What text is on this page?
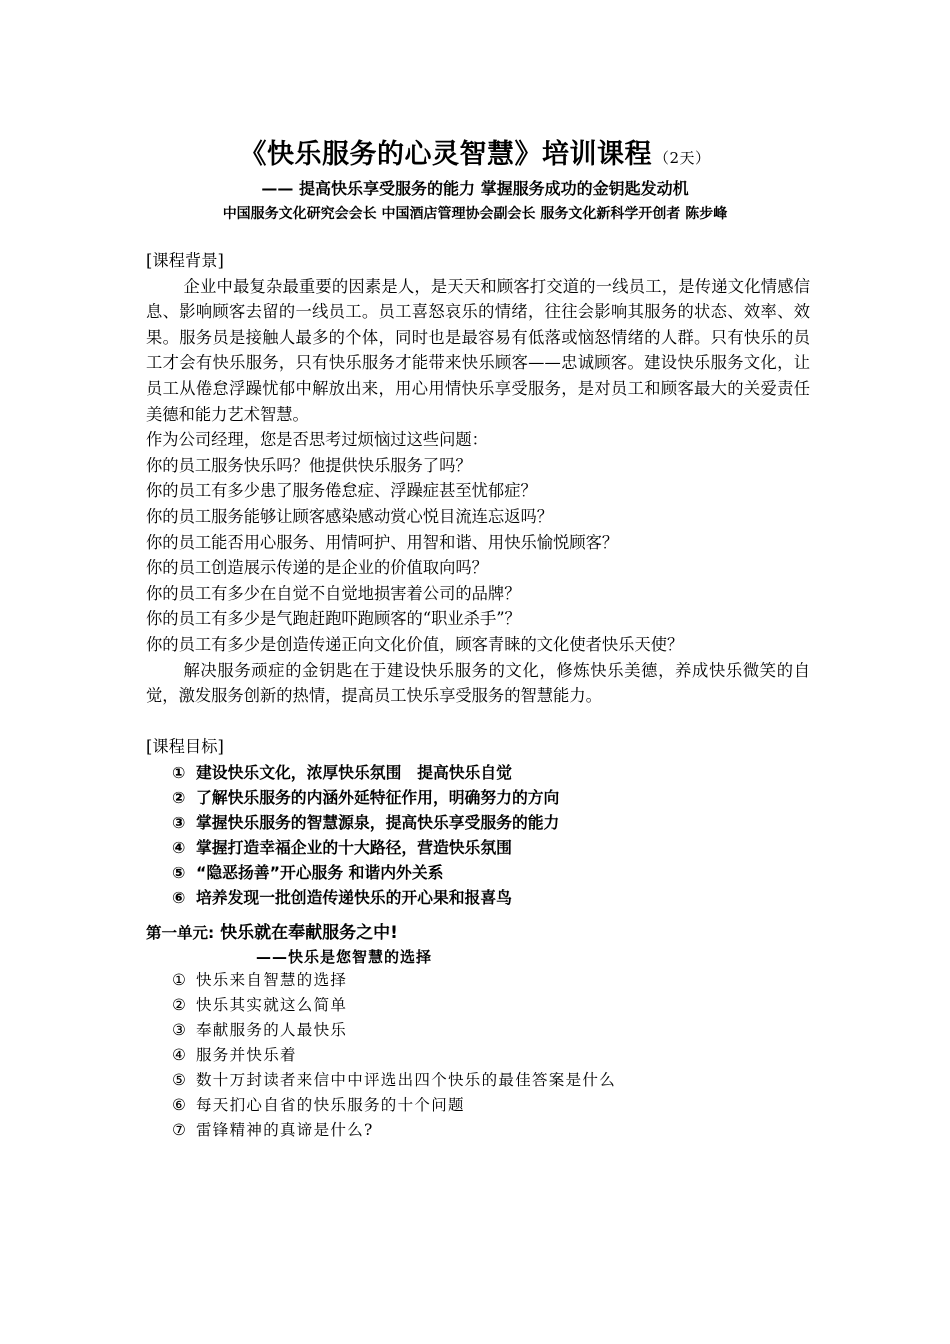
《快乐服务的心灵智慧》培训课程 （2天）
—— 提高快乐享受服务的能力 掌握服务成功的金钥匙发动机
中国服务文化研究会会长 中国酒店管理协会副会长 服务文化新科学开创者 陈步峰
[课程背景]
企业中最复杂最重要的因素是人，是天天和顾客打交道的一线员工，是传递文化情感信息、影响顾客去留的一线员工。员工喜怒哀乐的情绪，往往会影响其服务的状态、效率、效果。服务员是接触人最多的个体，同时也是最容易有低落或恼怒情绪的人群。只有快乐的员工才会有快乐服务，只有快乐服务才能带来快乐顾客——忠诚顾客。建设快乐服务文化，让员工从倦怠浮躁忧郁中解放出来，用心用情快乐享受服务，是对员工和顾客最大的关爱责任美德和能力艺术智慧。
作为公司经理，您是否思考过烦恼过这些问题：
你的员工服务快乐吗？他提供快乐服务了吗？
你的员工有多少患了服务倦怠症、浮躁症甚至忧郁症？
你的员工服务能够让顾客感染感动赏心悦目流连忘返吗？
你的员工能否用心服务、用情呵护、用智和谐、用快乐愉悦顾客？
你的员工创造展示传递的是企业的价值取向吗？
你的员工有多少在自觉不自觉地损害着公司的品牌？
你的员工有多少是气跑赶跑吓跑顾客的“职业杀手”？
你的员工有多少是创造传递正向文化价值，顾客青睐的文化使者快乐天使？
解决服务顽症的金钥匙在于建设快乐服务的文化，修炼快乐美德，养成快乐微笑的自觉，激发服务创新的热情，提高员工快乐享受服务的智慧能力。
[课程目标]
① 建设快乐文化，浓厚快乐氛围　提高快乐自觉
② 了解快乐服务的内涵外延特征作用，明确努力的方向
③ 掌握快乐服务的智慧源泉，提高快乐享受服务的能力
④ 掌握打造幸福企业的十大路径，营造快乐氛围
⑤ “隐恶扬善”开心服务 和谐内外关系
⑥ 培养发现一批创造传递快乐的开心果和报喜鸟
第一单元: 快乐就在奉献服务之中!
——快乐是您智慧的选择
① 快乐来自智慧的选择
② 快乐其实就这么简单
③ 奉献服务的人最快乐
④ 服务并快乐着
⑤ 数十万封读者来信中中评选出四个快乐的最佳答案是什么
⑥ 每天扪心自省的快乐服务的十个问题
⑦ 雷锋精神的真谛是什么?
